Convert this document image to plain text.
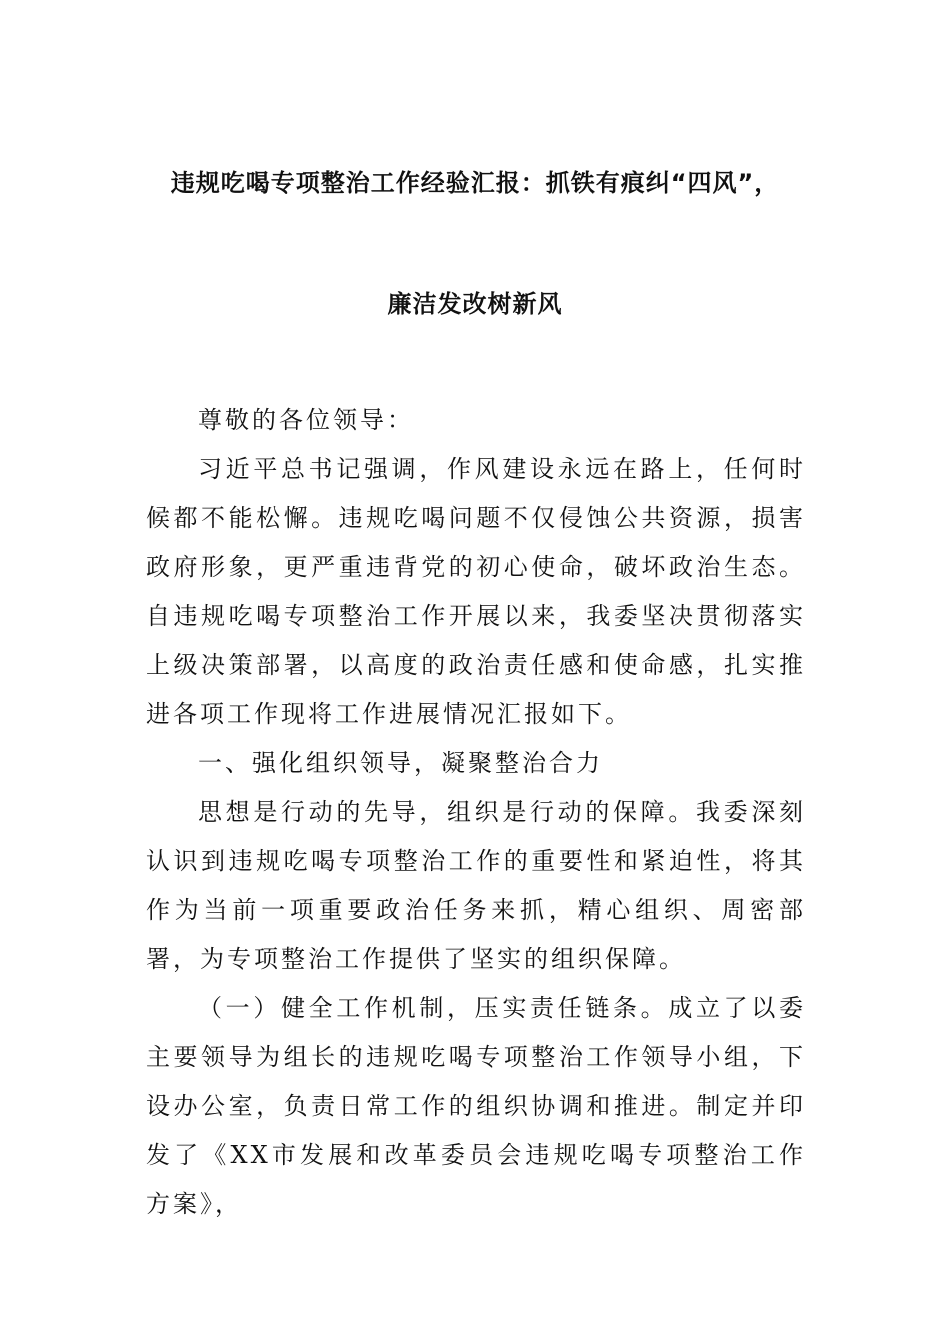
违规吃喝专项整治工作经验汇报：抓铁有痕纠“四风”，
廉洁发改树新风

尊敬的各位领导：

习近平总书记强调，作风建设永远在路上，任何时候都不能松懈。违规吃喝问题不仅侵蚀公共资源，损害政府形象，更严重违背党的初心使命，破坏政治生态。自违规吃喝专项整治工作开展以来，我委坚决贯彻落实上级决策部署，以高度的政治责任感和使命感，扎实推进各项工作现将工作进展情况汇报如下。

一、强化组织领导，凝聚整治合力

思想是行动的先导，组织是行动的保障。我委深刻认识到违规吃喝专项整治工作的重要性和紧迫性，将其作为当前一项重要政治任务来抓，精心组织、周密部署，为专项整治工作提供了坚实的组织保障。

（一）健全工作机制，压实责任链条。成立了以委主要领导为组长的违规吃喝专项整治工作领导小组，下设办公室，负责日常工作的组织协调和推进。制定并印发了《XX市发展和改革委员会违规吃喝专项整治工作方案》，
